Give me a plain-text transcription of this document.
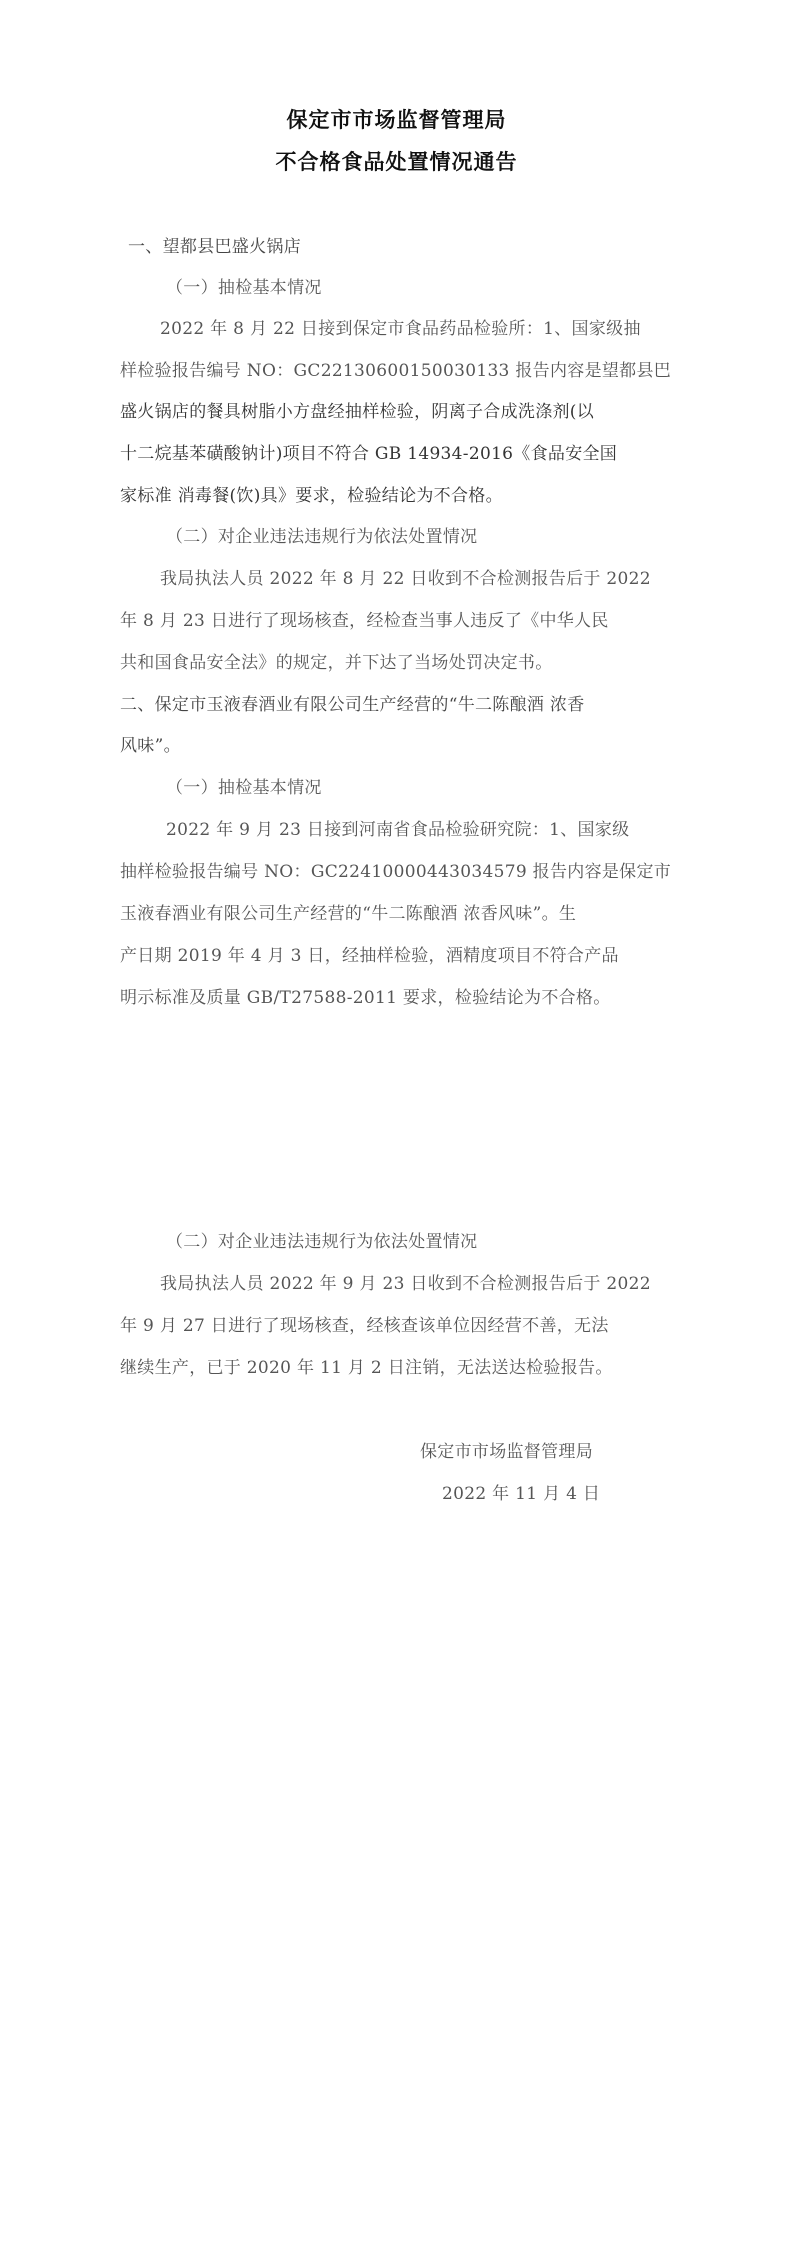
保定市市场监督管理局
不合格食品处置情况通告
一、望都县巴盛火锅店
（一）抽检基本情况
2022 年 8 月 22 日接到保定市食品药品检验所：1、国家级抽
样检验报告编号 NO：GC22130600150030133 报告内容是望都县巴
盛火锅店的餐具树脂小方盘经抽样检验，阴离子合成洗涤剂(以
十二烷基苯磺酸钠计)项目不符合 GB 14934-2016《食品安全国
家标准 消毒餐(饮)具》要求，检验结论为不合格。
（二）对企业违法违规行为依法处置情况
我局执法人员 2022 年 8 月 22 日收到不合检测报告后于 2022
年 8 月 23 日进行了现场核查，经检查当事人违反了《中华人民
共和国食品安全法》的规定，并下达了当场处罚决定书。
二、保定市玉液春酒业有限公司生产经营的“牛二陈酿酒 浓香
风味”。
（一）抽检基本情况
2022 年 9 月 23 日接到河南省食品检验研究院：1、国家级
抽样检验报告编号 NO：GC22410000443034579 报告内容是保定市
玉液春酒业有限公司生产经营的“牛二陈酿酒 浓香风味”。生
产日期 2019 年 4 月 3 日，经抽样检验，酒精度项目不符合产品
明示标准及质量 GB/T27588-2011 要求，检验结论为不合格。
（二）对企业违法违规行为依法处置情况
我局执法人员 2022 年 9 月 23 日收到不合检测报告后于 2022
年 9 月 27 日进行了现场核查，经核查该单位因经营不善，无法
继续生产，已于 2020 年 11 月 2 日注销，无法送达检验报告。
保定市市场监督管理局
2022 年 11 月 4 日
